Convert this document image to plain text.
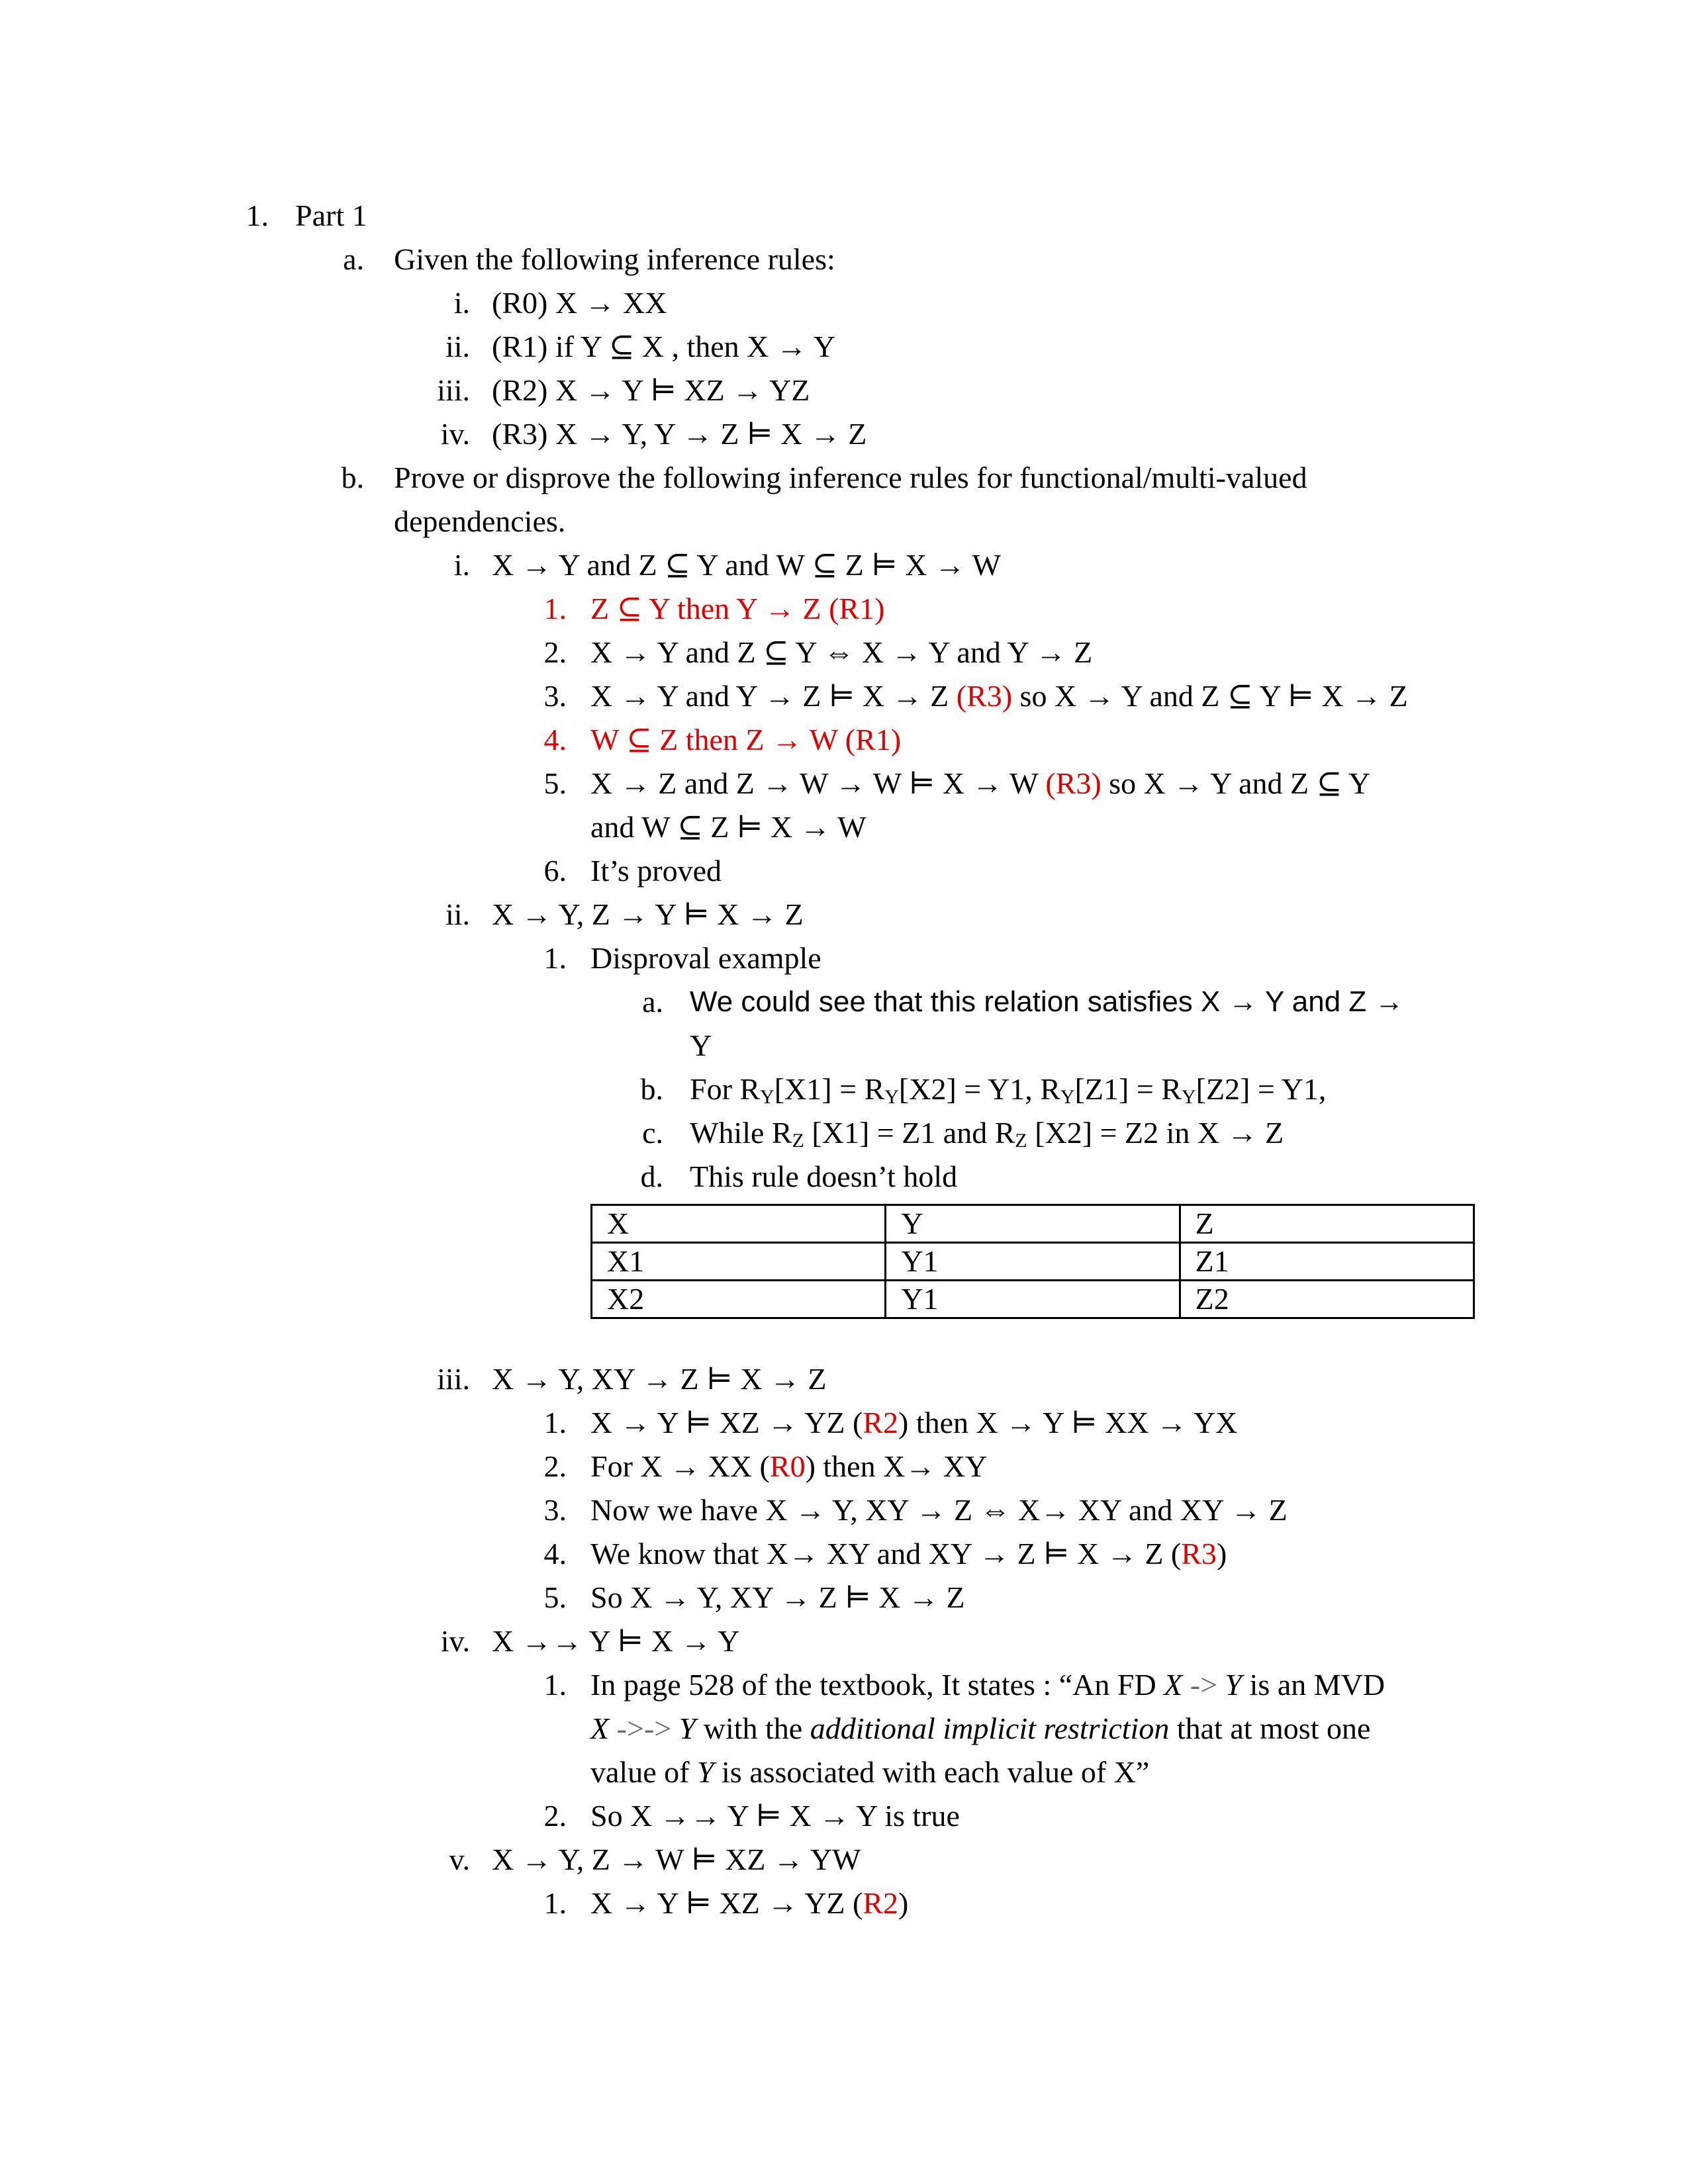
1. Part 1
a. Given the following inference rules:
i. (R0) X → XX
ii. (R1) if Y ⊆ X , then X → Y
iii. (R2) X → Y ⊨ XZ → YZ
iv. (R3) X → Y, Y → Z ⊨ X → Z
b. Prove or disprove the following inference rules for functional/multi-valued
dependencies.
i. X → Y and Z ⊆ Y and W ⊆ Z ⊨ X → W
1. Z ⊆ Y then Y → Z (R1)
2. X → Y and Z ⊆ Y ⇔ X → Y and Y → Z
3. X → Y and Y → Z ⊨ X → Z (R3) so X → Y and Z ⊆ Y ⊨ X → Z
4. W ⊆ Z then Z → W (R1)
5. X → Z and Z → W → W ⊨ X → W (R3) so X → Y and Z ⊆ Y
and W ⊆ Z ⊨ X → W
6. It’s proved
ii. X → Y, Z → Y ⊨ X → Z
1. Disproval example
a. We could see that this relation satisfies X → Y and Z →
Y
b. For $R_Y[X1] = R_Y[X2] = Y1$, $R_Y[Z1] = R_Y[Z2] = Y1$,
c. While $R_Z$ [X1] = Z1 and $R_Z$ [X2] = Z2 in X → Z
d. This rule doesn’t hold
X	Y	Z
X1	Y1	Z1
X2	Y1	Z2
iii. X → Y, XY → Z ⊨ X → Z
1. X → Y ⊨ XZ → YZ (R2) then X → Y ⊨ XX → YX
2. For X → XX (R0) then X→ XY
3. Now we have X → Y, XY → Z ⇔ X→ XY and XY → Z
4. We know that X→ XY and XY → Z ⊨ X → Z (R3)
5. So X → Y, XY → Z ⊨ X → Z
iv. X →→ Y ⊨ X → Y
1. In page 528 of the textbook, It states : “An FD X -> Y is an MVD
X ->-> Y with the additional implicit restriction that at most one
value of Y is associated with each value of X”
2. So X →→ Y ⊨ X → Y is true
v. X → Y, Z → W ⊨ XZ → YW
1. X → Y ⊨ XZ → YZ (R2)
